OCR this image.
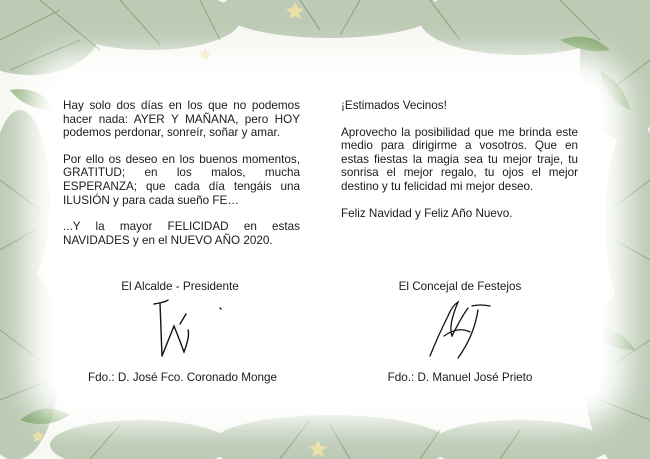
Hay solo dos días en los que no podemos hacer nada: AYER Y MAÑANA, pero HOY podemos perdonar, sonreír, soñar y amar.

Por ello os deseo en los buenos momentos, GRATITUD; en los malos, mucha ESPERANZA; que cada día tengáis una ILUSIÓN y para cada sueño FE…

...Y la mayor FELICIDAD en estas NAVIDADES y en el NUEVO AÑO 2020.

¡Estimados Vecinos!

Aprovecho la posibilidad que me brinda este medio para dirigirme a vosotros. Que en estas fiestas la magia sea tu mejor traje, tu sonrisa el mejor regalo, tu ojos el mejor destino y tu felicidad mi mejor deseo.

Feliz Navidad y Feliz Año Nuevo.

El Alcalde - Presidente	El Concejal de Festejos
Fdo.: D. José Fco. Coronado Monge	Fdo.: D. Manuel José Prieto
